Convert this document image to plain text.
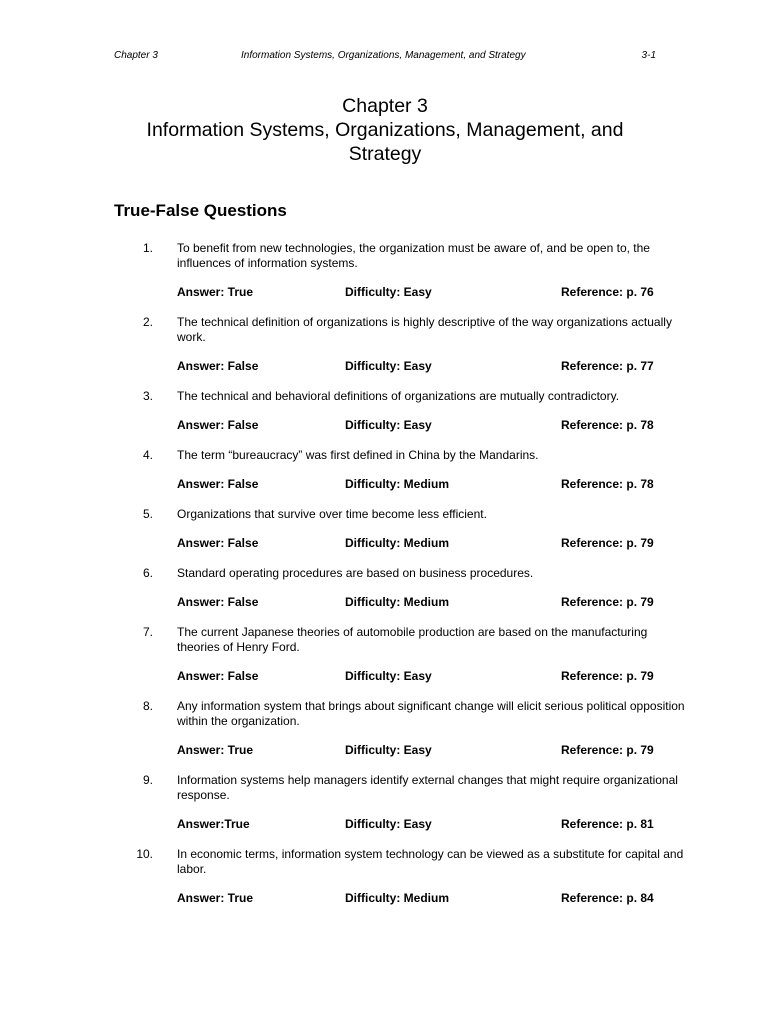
Chapter 3	Information Systems, Organizations, Management, and Strategy	3-1
Chapter 3
Information Systems, Organizations, Management, and
Strategy
True-False Questions
1. To benefit from new technologies, the organization must be aware of, and be open to, the influences of information systems.
Answer: True	Difficulty: Easy	Reference: p. 76
2. The technical definition of organizations is highly descriptive of the way organizations actually work.
Answer: False	Difficulty: Easy	Reference: p. 77
3. The technical and behavioral definitions of organizations are mutually contradictory.
Answer: False	Difficulty: Easy	Reference: p. 78
4. The term “bureaucracy” was first defined in China by the Mandarins.
Answer: False	Difficulty: Medium	Reference: p. 78
5. Organizations that survive over time become less efficient.
Answer: False	Difficulty: Medium	Reference: p. 79
6. Standard operating procedures are based on business procedures.
Answer: False	Difficulty: Medium	Reference: p. 79
7. The current Japanese theories of automobile production are based on the manufacturing theories of Henry Ford.
Answer: False	Difficulty: Easy	Reference: p. 79
8. Any information system that brings about significant change will elicit serious political opposition within the organization.
Answer: True	Difficulty: Easy	Reference: p. 79
9. Information systems help managers identify external changes that might require organizational response.
Answer:True	Difficulty: Easy	Reference: p. 81
10. In economic terms, information system technology can be viewed as a substitute for capital and labor.
Answer: True	Difficulty: Medium	Reference: p. 84
